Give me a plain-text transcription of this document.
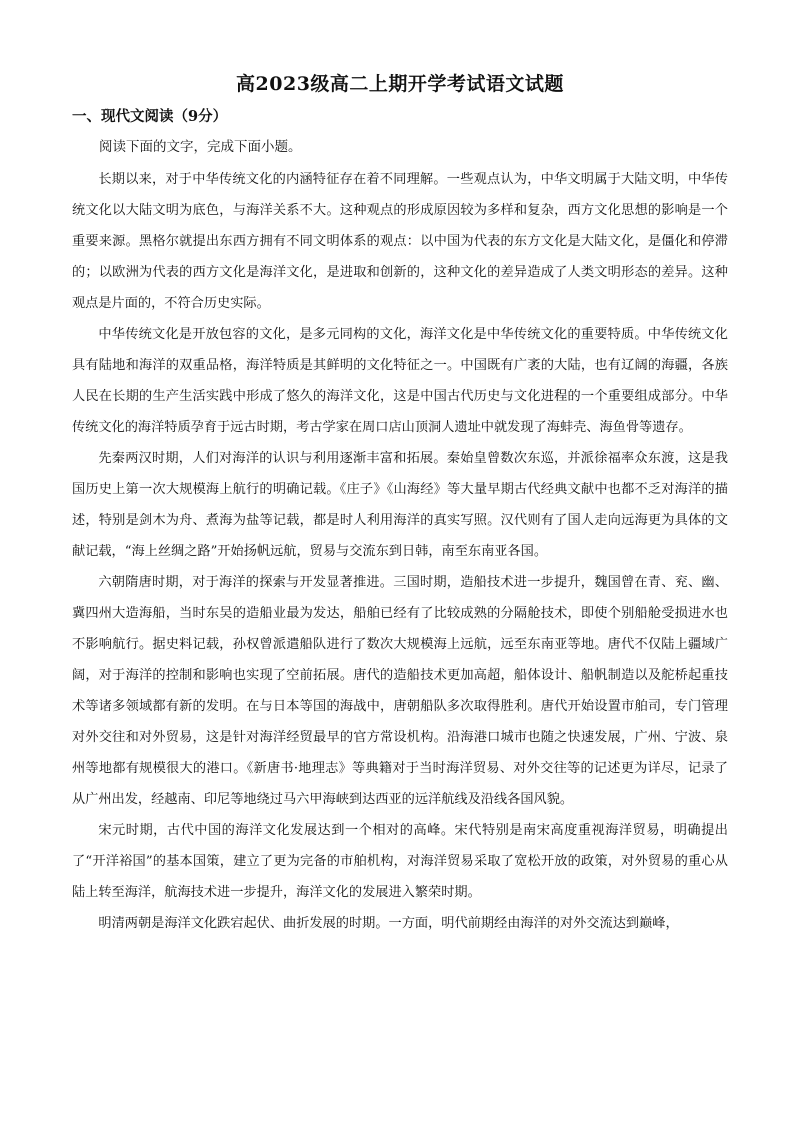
高2023级高二上期开学考试语文试题
一、现代文阅读（9分）
阅读下面的文字，完成下面小题。

长期以来，对于中华传统文化的内涵特征存在着不同理解。一些观点认为，中华文明属于大陆文明，中华传统文化以大陆文明为底色，与海洋关系不大。这种观点的形成原因较为多样和复杂，西方文化思想的影响是一个重要来源。黑格尔就提出东西方拥有不同文明体系的观点：以中国为代表的东方文化是大陆文化，是僵化和停滞的；以欧洲为代表的西方文化是海洋文化，是进取和创新的，这种文化的差异造成了人类文明形态的差异。这种观点是片面的，不符合历史实际。

中华传统文化是开放包容的文化，是多元同构的文化，海洋文化是中华传统文化的重要特质。中华传统文化具有陆地和海洋的双重品格，海洋特质是其鲜明的文化特征之一。中国既有广袤的大陆，也有辽阔的海疆，各族人民在长期的生产生活实践中形成了悠久的海洋文化，这是中国古代历史与文化进程的一个重要组成部分。中华传统文化的海洋特质孕育于远古时期，考古学家在周口店山顶洞人遗址中就发现了海蚌壳、海鱼骨等遗存。

先秦两汉时期，人们对海洋的认识与利用逐渐丰富和拓展。秦始皇曾数次东巡，并派徐福率众东渡，这是我国历史上第一次大规模海上航行的明确记载。《庄子》《山海经》等大量早期古代经典文献中也都不乏对海洋的描述，特别是剑木为舟、煮海为盐等记载，都是时人利用海洋的真实写照。汉代则有了国人走向远海更为具体的文献记载，“海上丝绸之路”开始扬帆远航，贸易与交流东到日韩，南至东南亚各国。

六朝隋唐时期，对于海洋的探索与开发显著推进。三国时期，造船技术进一步提升，魏国曾在青、兖、幽、冀四州大造海船，当时东吴的造船业最为发达，船舶已经有了比较成熟的分隔舱技术，即使个别船舱受损进水也不影响航行。据史料记载，孙权曾派遣船队进行了数次大规模海上远航，远至东南亚等地。唐代不仅陆上疆域广阔，对于海洋的控制和影响也实现了空前拓展。唐代的造船技术更加高超，船体设计、船帆制造以及舵桥起重技术等诸多领域都有新的发明。在与日本等国的海战中，唐朝船队多次取得胜利。唐代开始设置市舶司，专门管理对外交往和对外贸易，这是针对海洋经贸最早的官方常设机构。沿海港口城市也随之快速发展，广州、宁波、泉州等地都有规模很大的港口。《新唐书·地理志》等典籍对于当时海洋贸易、对外交往等的记述更为详尽，记录了从广州出发，经越南、印尼等地绕过马六甲海峡到达西亚的远洋航线及沿线各国风貌。

宋元时期，古代中国的海洋文化发展达到一个相对的高峰。宋代特别是南宋高度重视海洋贸易，明确提出了“开洋裕国”的基本国策，建立了更为完备的市舶机构，对海洋贸易采取了宽松开放的政策，对外贸易的重心从陆上转至海洋，航海技术进一步提升，海洋文化的发展进入繁荣时期。

明清两朝是海洋文化跌宕起伏、曲折发展的时期。一方面，明代前期经由海洋的对外交流达到巅峰，
